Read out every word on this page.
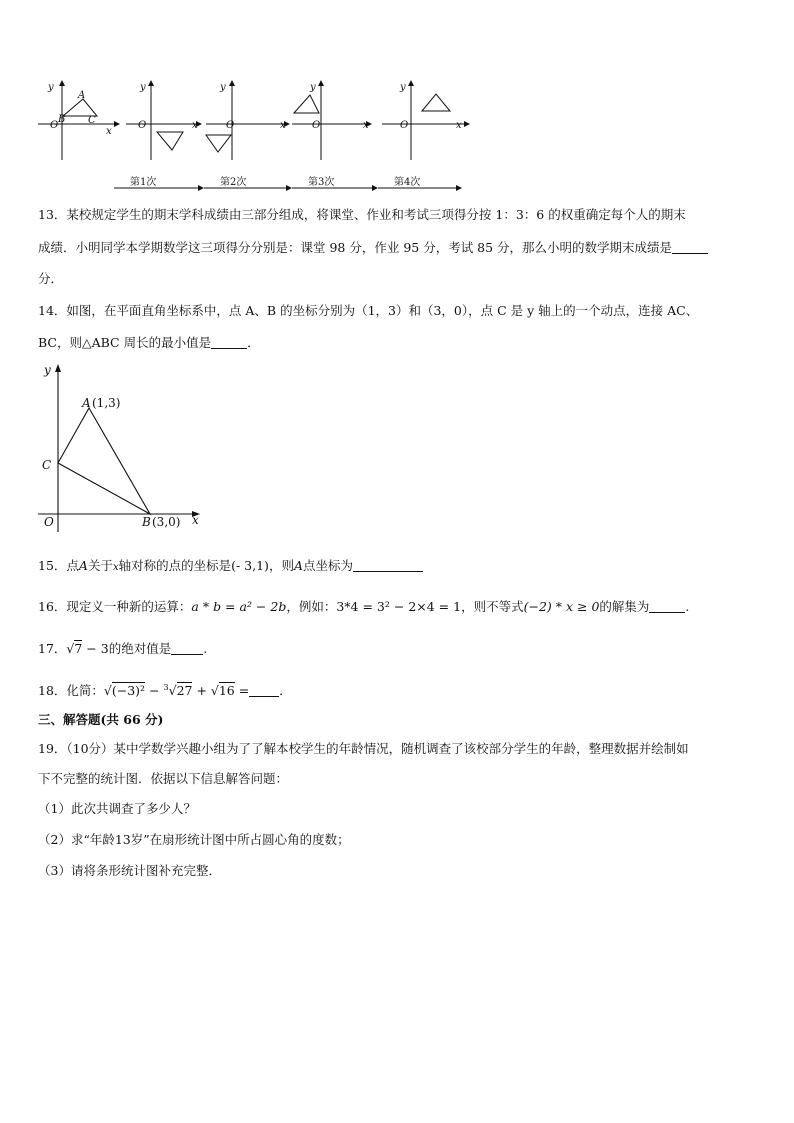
y
A
B C
O
x
y
O	x
y
O	x
y
O	x
y
O	x
第1次	第2次	第3次	第4次
13．某校规定学生的期末学科成绩由三部分组成，将课堂、作业和考试三项得分按 1：3：6 的权重确定每个人的期末
成绩．小明同学本学期数学这三项得分分别是：课堂 98 分，作业 95 分，考试 85 分，那么小明的数学期末成绩是
分．
14．如图，在平面直角坐标系中，点 A、B 的坐标分别为（1，3）和（3，0），点 C 是 y 轴上的一个动点，连接 AC、
BC，则△ABC 周长的最小值是	．
y
A (1,3)
C
O	B (3,0) x
15．点A关于x轴对称的点的坐标是(- 3,1)，则A点坐标为
16．现定义一种新的运算：a * b = a² − 2b，例如：3*4 = 3² − 2×4 = 1，则不等式(−2) * x ≥ 0的解集为	.
17．√7 − 3的绝对值是	.
18．化简：√(−3)² − $^3$√27 + √16 = ．
三、解答题(共 66 分)
19．（10分）某中学数学兴趣小组为了了解本校学生的年龄情况，随机调查了该校部分学生的年龄，整理数据并绘制如
下不完整的统计图．依据以下信息解答问题：
（1）此次共调查了多少人？
（2）求“年龄13岁”在扇形统计图中所占圆心角的度数；
（3）请将条形统计图补充完整．
